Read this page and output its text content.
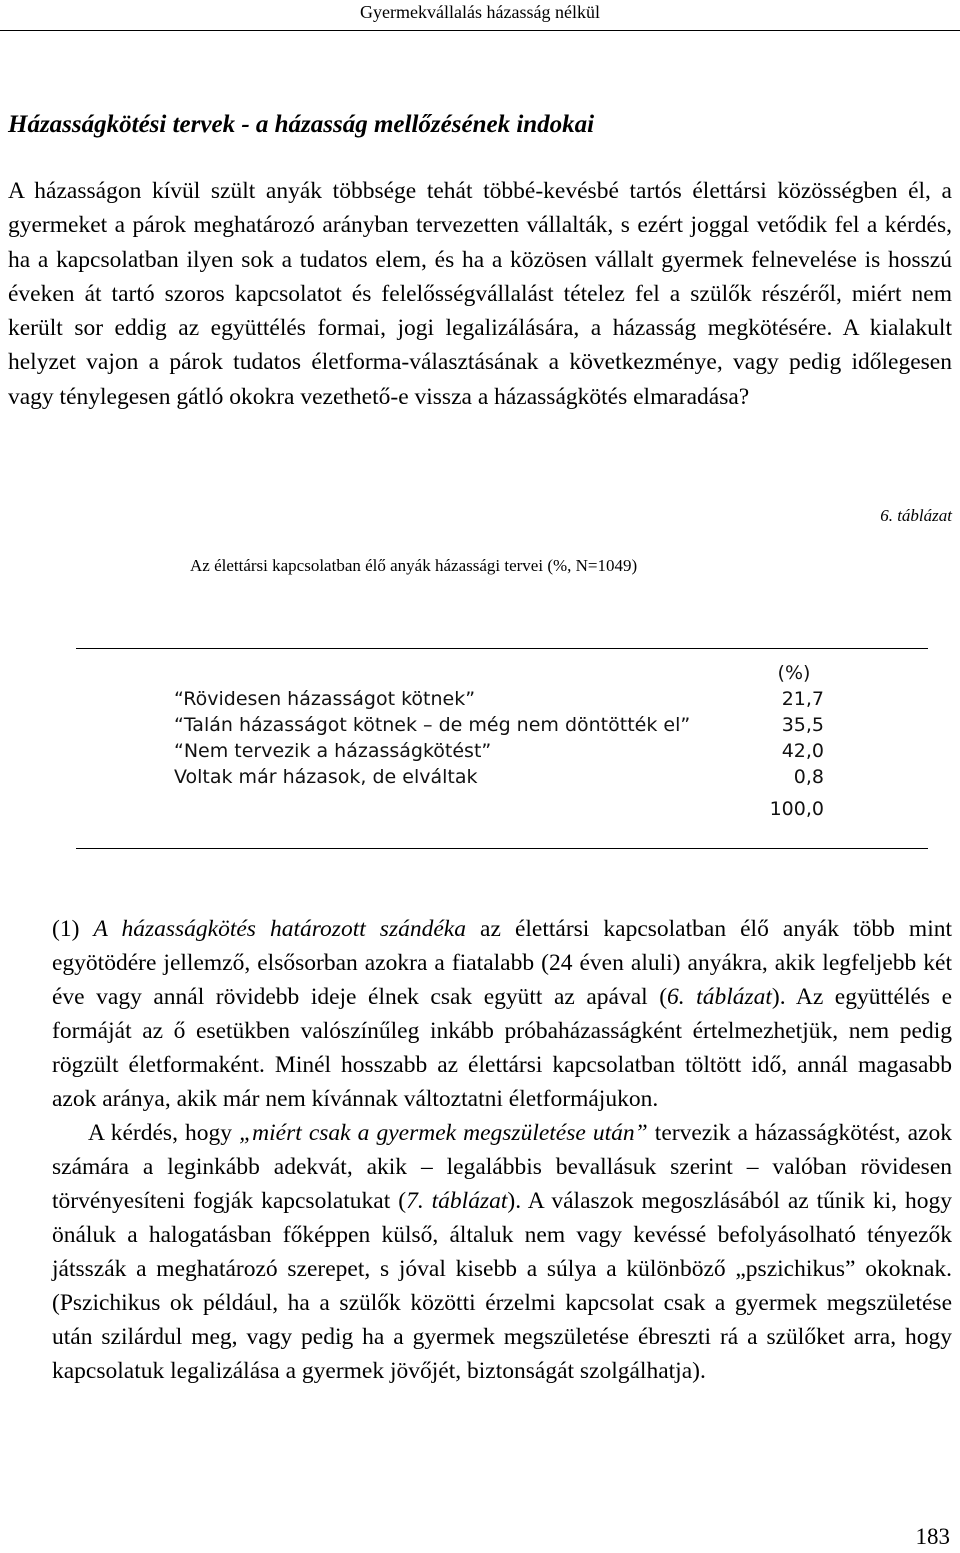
Gyermekvállalás házasság nélkül
Házasságkötési tervek - a házasság mellőzésének indokai

A házasságon kívül szült anyák többsége tehát többé-kevésbé tartós élettársi közösségben él, a gyermeket a párok meghatározó arányban tervezetten vállalták, s ezért joggal vetődik fel a kérdés, ha a kapcsolatban ilyen sok a tudatos elem, és ha a közösen vállalt gyermek felnevelése is hosszú éveken át tartó szoros kapcsolatot és felelősségvállalást tételez fel a szülők részéről, miért nem került sor eddig az együttélés formai, jogi legalizálására, a házasság megkötésére. A kialakult helyzet vajon a párok tudatos életforma-választásának a következménye, vagy pedig időlegesen vagy ténylegesen gátló okokra vezethető-e vissza a házasságkötés elmaradása?

6. táblázat
Az élettársi kapcsolatban élő anyák házassági tervei (%, N=1049)
(%)
“Rövidesen házasságot kötnek”	21,7
“Talán házasságot kötnek – de még nem döntötték el”	35,5
“Nem tervezik a házasságkötést”	42,0
Voltak már házasok, de elváltak	0,8
100,0

(1) A házasságkötés határozott szándéka az élettársi kapcsolatban élő anyák több mint egyötödére jellemző, elsősorban azokra a fiatalabb (24 éven aluli) anyákra, akik legfeljebb két éve vagy annál rövidebb ideje élnek csak együtt az apával (6. táblázat). Az együttélés e formáját az ő esetükben valószínűleg inkább próbaházasságként értelmezhetjük, nem pedig rögzült életformaként. Minél hosszabb az élettársi kapcsolatban töltött idő, annál magasabb azok aránya, akik már nem kívánnak változtatni életformájukon.

A kérdés, hogy „miért csak a gyermek megszületése után” tervezik a házasságkötést, azok számára a leginkább adekvát, akik – legalábbis bevallásuk szerint – valóban rövidesen törvényesíteni fogják kapcsolatukat (7. táblázat). A válaszok megoszlásából az tűnik ki, hogy önáluk a halogatásban főképpen külső, általuk nem vagy kevéssé befolyásolható tényezők játsszák a meghatározó szerepet, s jóval kisebb a súlya a különböző „pszichikus” okoknak. (Pszichikus ok például, ha a szülők közötti érzelmi kapcsolat csak a gyermek megszületése után szilárdul meg, vagy pedig ha a gyermek megszületése ébreszti rá a szülőket arra, hogy kapcsolatuk legalizálása a gyermek jövőjét, biztonságát szolgálhatja).

183
